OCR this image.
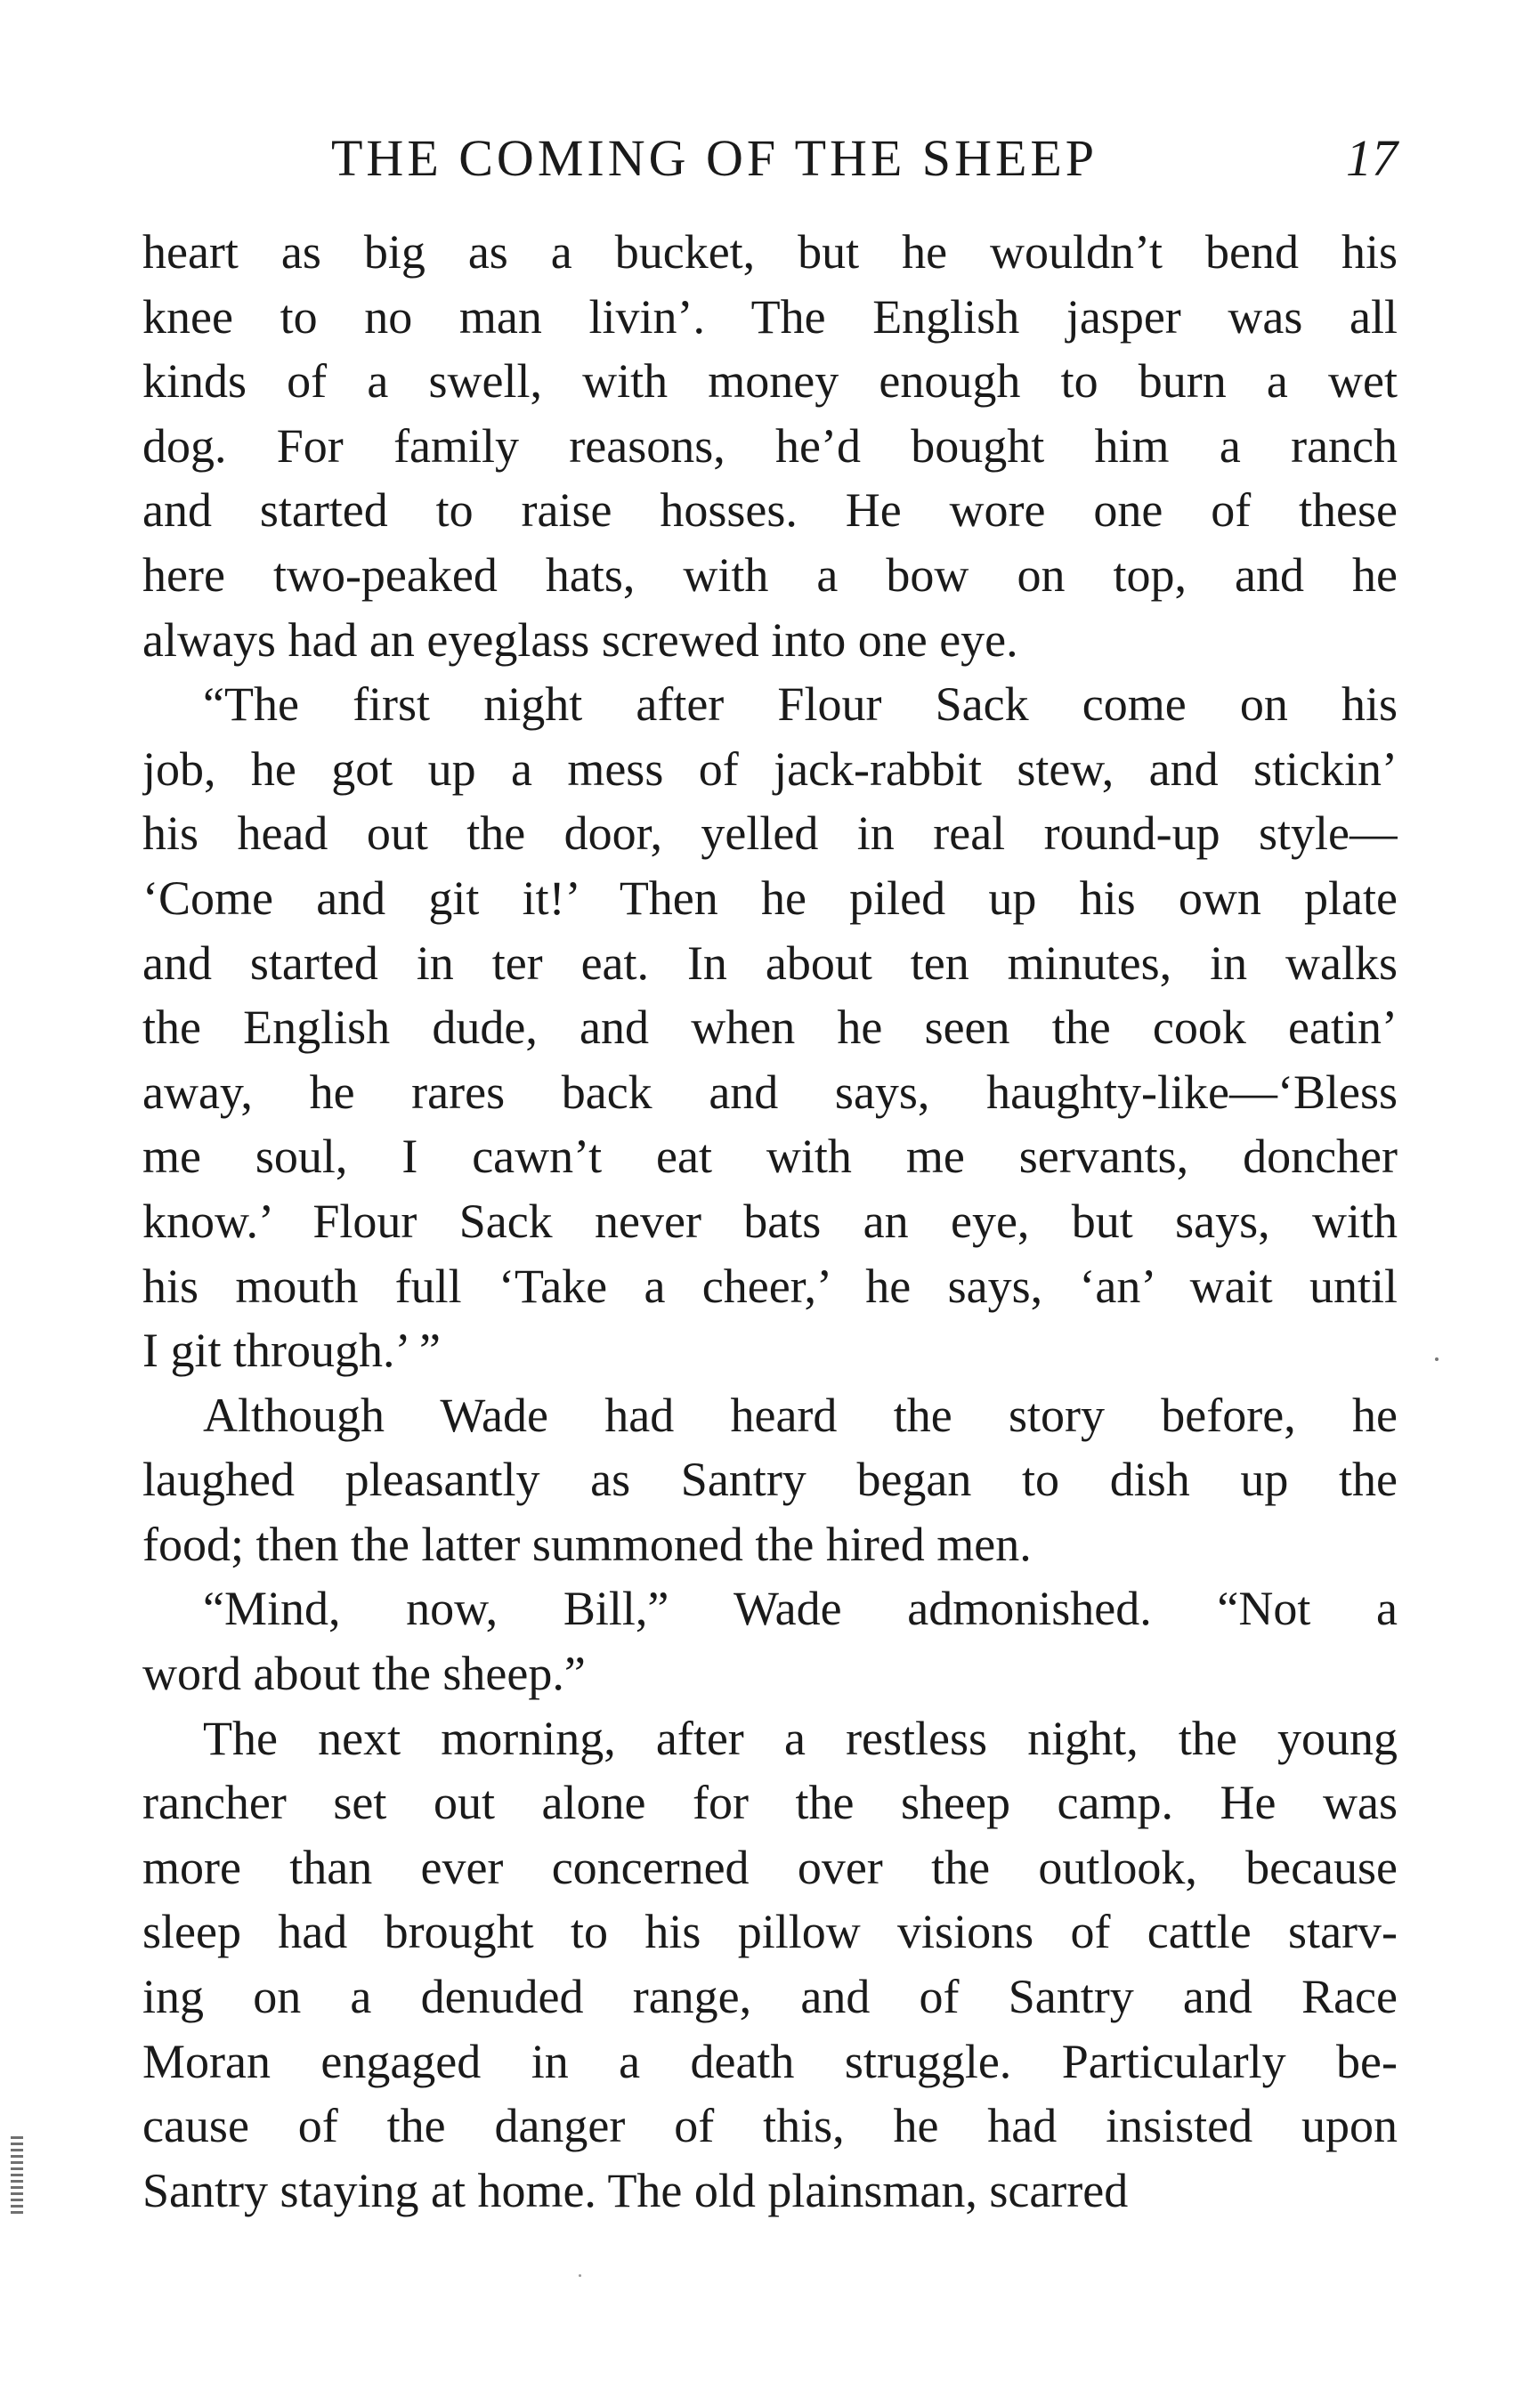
THE COMING OF THE SHEEP	17
heart as big as a bucket, but he wouldn’t bend his
knee to no man livin’. The English jasper was all
kinds of a swell, with money enough to burn a wet
dog. For family reasons, he’d bought him a ranch
and started to raise hosses. He wore one of these
here two-peaked hats, with a bow on top, and he
always had an eyeglass screwed into one eye.
“The first night after Flour Sack come on his
job, he got up a mess of jack-rabbit stew, and stickin’
his head out the door, yelled in real round-up style—
‘Come and git it!’ Then he piled up his own plate
and started in ter eat. In about ten minutes, in walks
the English dude, and when he seen the cook eatin’
away, he rares back and says, haughty-like—‘Bless
me soul, I cawn’t eat with me servants, doncher
know.’ Flour Sack never bats an eye, but says, with
his mouth full ‘Take a cheer,’ he says, ‘an’ wait until
I git through.’ ”
Although Wade had heard the story before, he
laughed pleasantly as Santry began to dish up the
food; then the latter summoned the hired men.
“Mind, now, Bill,” Wade admonished. “Not a
word about the sheep.”
The next morning, after a restless night, the young
rancher set out alone for the sheep camp. He was
more than ever concerned over the outlook, because
sleep had brought to his pillow visions of cattle starv-
ing on a denuded range, and of Santry and Race
Moran engaged in a death struggle. Particularly be-
cause of the danger of this, he had insisted upon
Santry staying at home. The old plainsman, scarred
